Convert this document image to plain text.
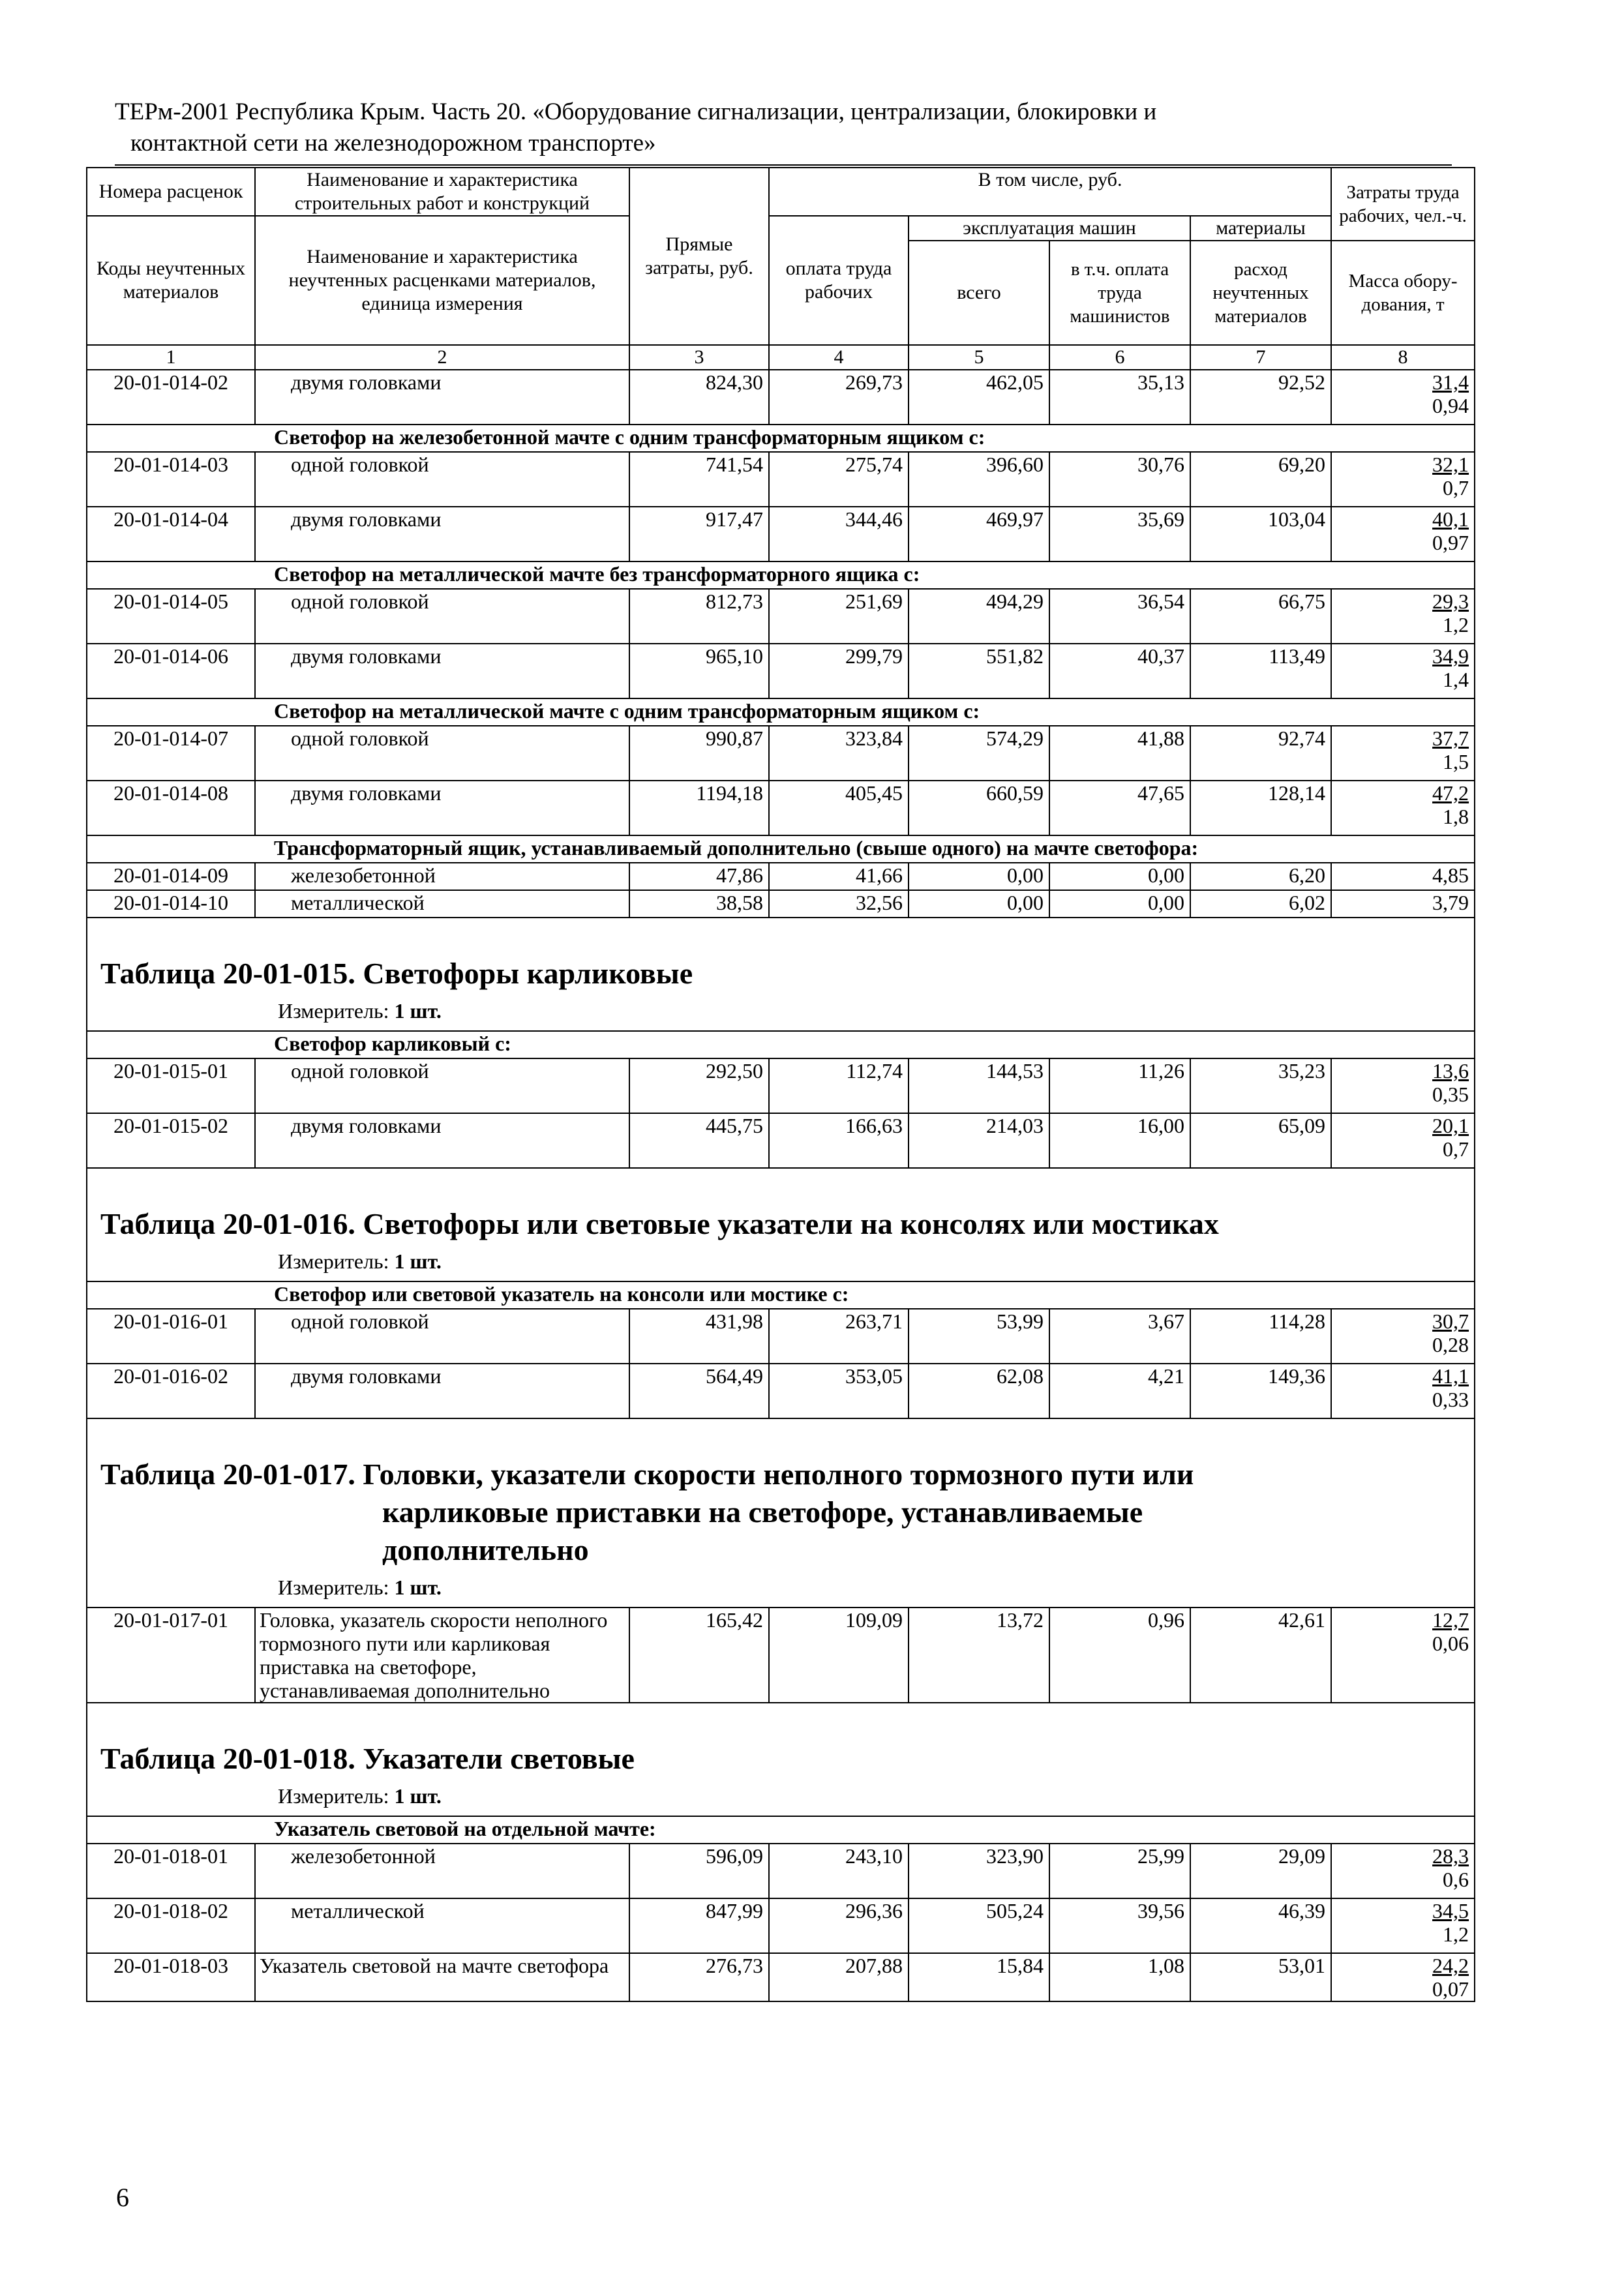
ТЕРм-2001 Республика Крым. Часть 20. «Оборудование сигнализации, централизации, блокировки и
контактной сети на железнодорожном транспорте»
Номера расценок	Наименование и характеристика строительных работ и конструкций	Прямые затраты, руб.	В том числе, руб.				Затраты труда рабочих, чел.-ч.
Коды неучтенных материалов	Наименование и характеристика неучтенных расценками материалов, единица измерения		оплата труда рабочих	эксплуатация машин		материалы	
				всего	в т.ч. оплата труда машинистов	расход неучтенных материалов	Масса обору-дования, т
1	2	3	4	5	6	7	8
20-01-014-02	двумя головками	824,30	269,73	462,05	35,13	92,52	31,4
0,94

Светофор на железобетонной мачте с одним трансформаторным ящиком с:							
20-01-014-03	одной головкой	741,54	275,74	396,60	30,76	69,20	32,1
0,7

20-01-014-04	двумя головками	917,47	344,46	469,97	35,69	103,04	40,1
0,97

Светофор на металлической мачте без трансформаторного ящика с:							
20-01-014-05	одной головкой	812,73	251,69	494,29	36,54	66,75	29,3
1,2

20-01-014-06	двумя головками	965,10	299,79	551,82	40,37	113,49	34,9
1,4

Светофор на металлической мачте с одним трансформаторным ящиком с:							
20-01-014-07	одной головкой	990,87	323,84	574,29	41,88	92,74	37,7
1,5

20-01-014-08	двумя головками	1194,18	405,45	660,59	47,65	128,14	47,2
1,8

Трансформаторный ящик, устанавливаемый дополнительно (свыше одного) на мачте светофора:							
20-01-014-09	железобетонной	47,86	41,66	0,00	0,00	6,20	4,85
20-01-014-10	металлической	38,58	32,56	0,00	0,00	6,02	3,79

Таблица 20-01-015. Светофоры карликовые
Измеритель: 1 шт.							

Светофор карликовый с:							
20-01-015-01	одной головкой	292,50	112,74	144,53	11,26	35,23	13,6
0,35

20-01-015-02	двумя головками	445,75	166,63	214,03	16,00	65,09	20,1
0,7

Таблица 20-01-016. Светофоры или световые указатели на консолях или мостиках
Измеритель: 1 шт.							

Светофор или световой указатель на консоли или мостике с:							
20-01-016-01	одной головкой	431,98	263,71	53,99	3,67	114,28	30,7
0,28

20-01-016-02	двумя головками	564,49	353,05	62,08	4,21	149,36	41,1
0,33

Таблица 20-01-017. Головки, указатели скорости неполного тормозного пути или
карликовые приставки на светофоре, устанавливаемые
дополнительно
Измеритель: 1 шт.							

20-01-017-01	Головка, указатель скорости неполного тормозного пути или карликовая приставка на светофоре, устанавливаемая дополнительно	165,42	109,09	13,72	0,96	42,61	12,7
0,06

Таблица 20-01-018. Указатели световые
Измеритель: 1 шт.							

Указатель световой на отдельной мачте:							
20-01-018-01	железобетонной	596,09	243,10	323,90	25,99	29,09	28,3
0,6

20-01-018-02	металлической	847,99	296,36	505,24	39,56	46,39	34,5
1,2

20-01-018-03	Указатель световой на мачте светофора	276,73	207,88	15,84	1,08	53,01	24,2
0,07
6
